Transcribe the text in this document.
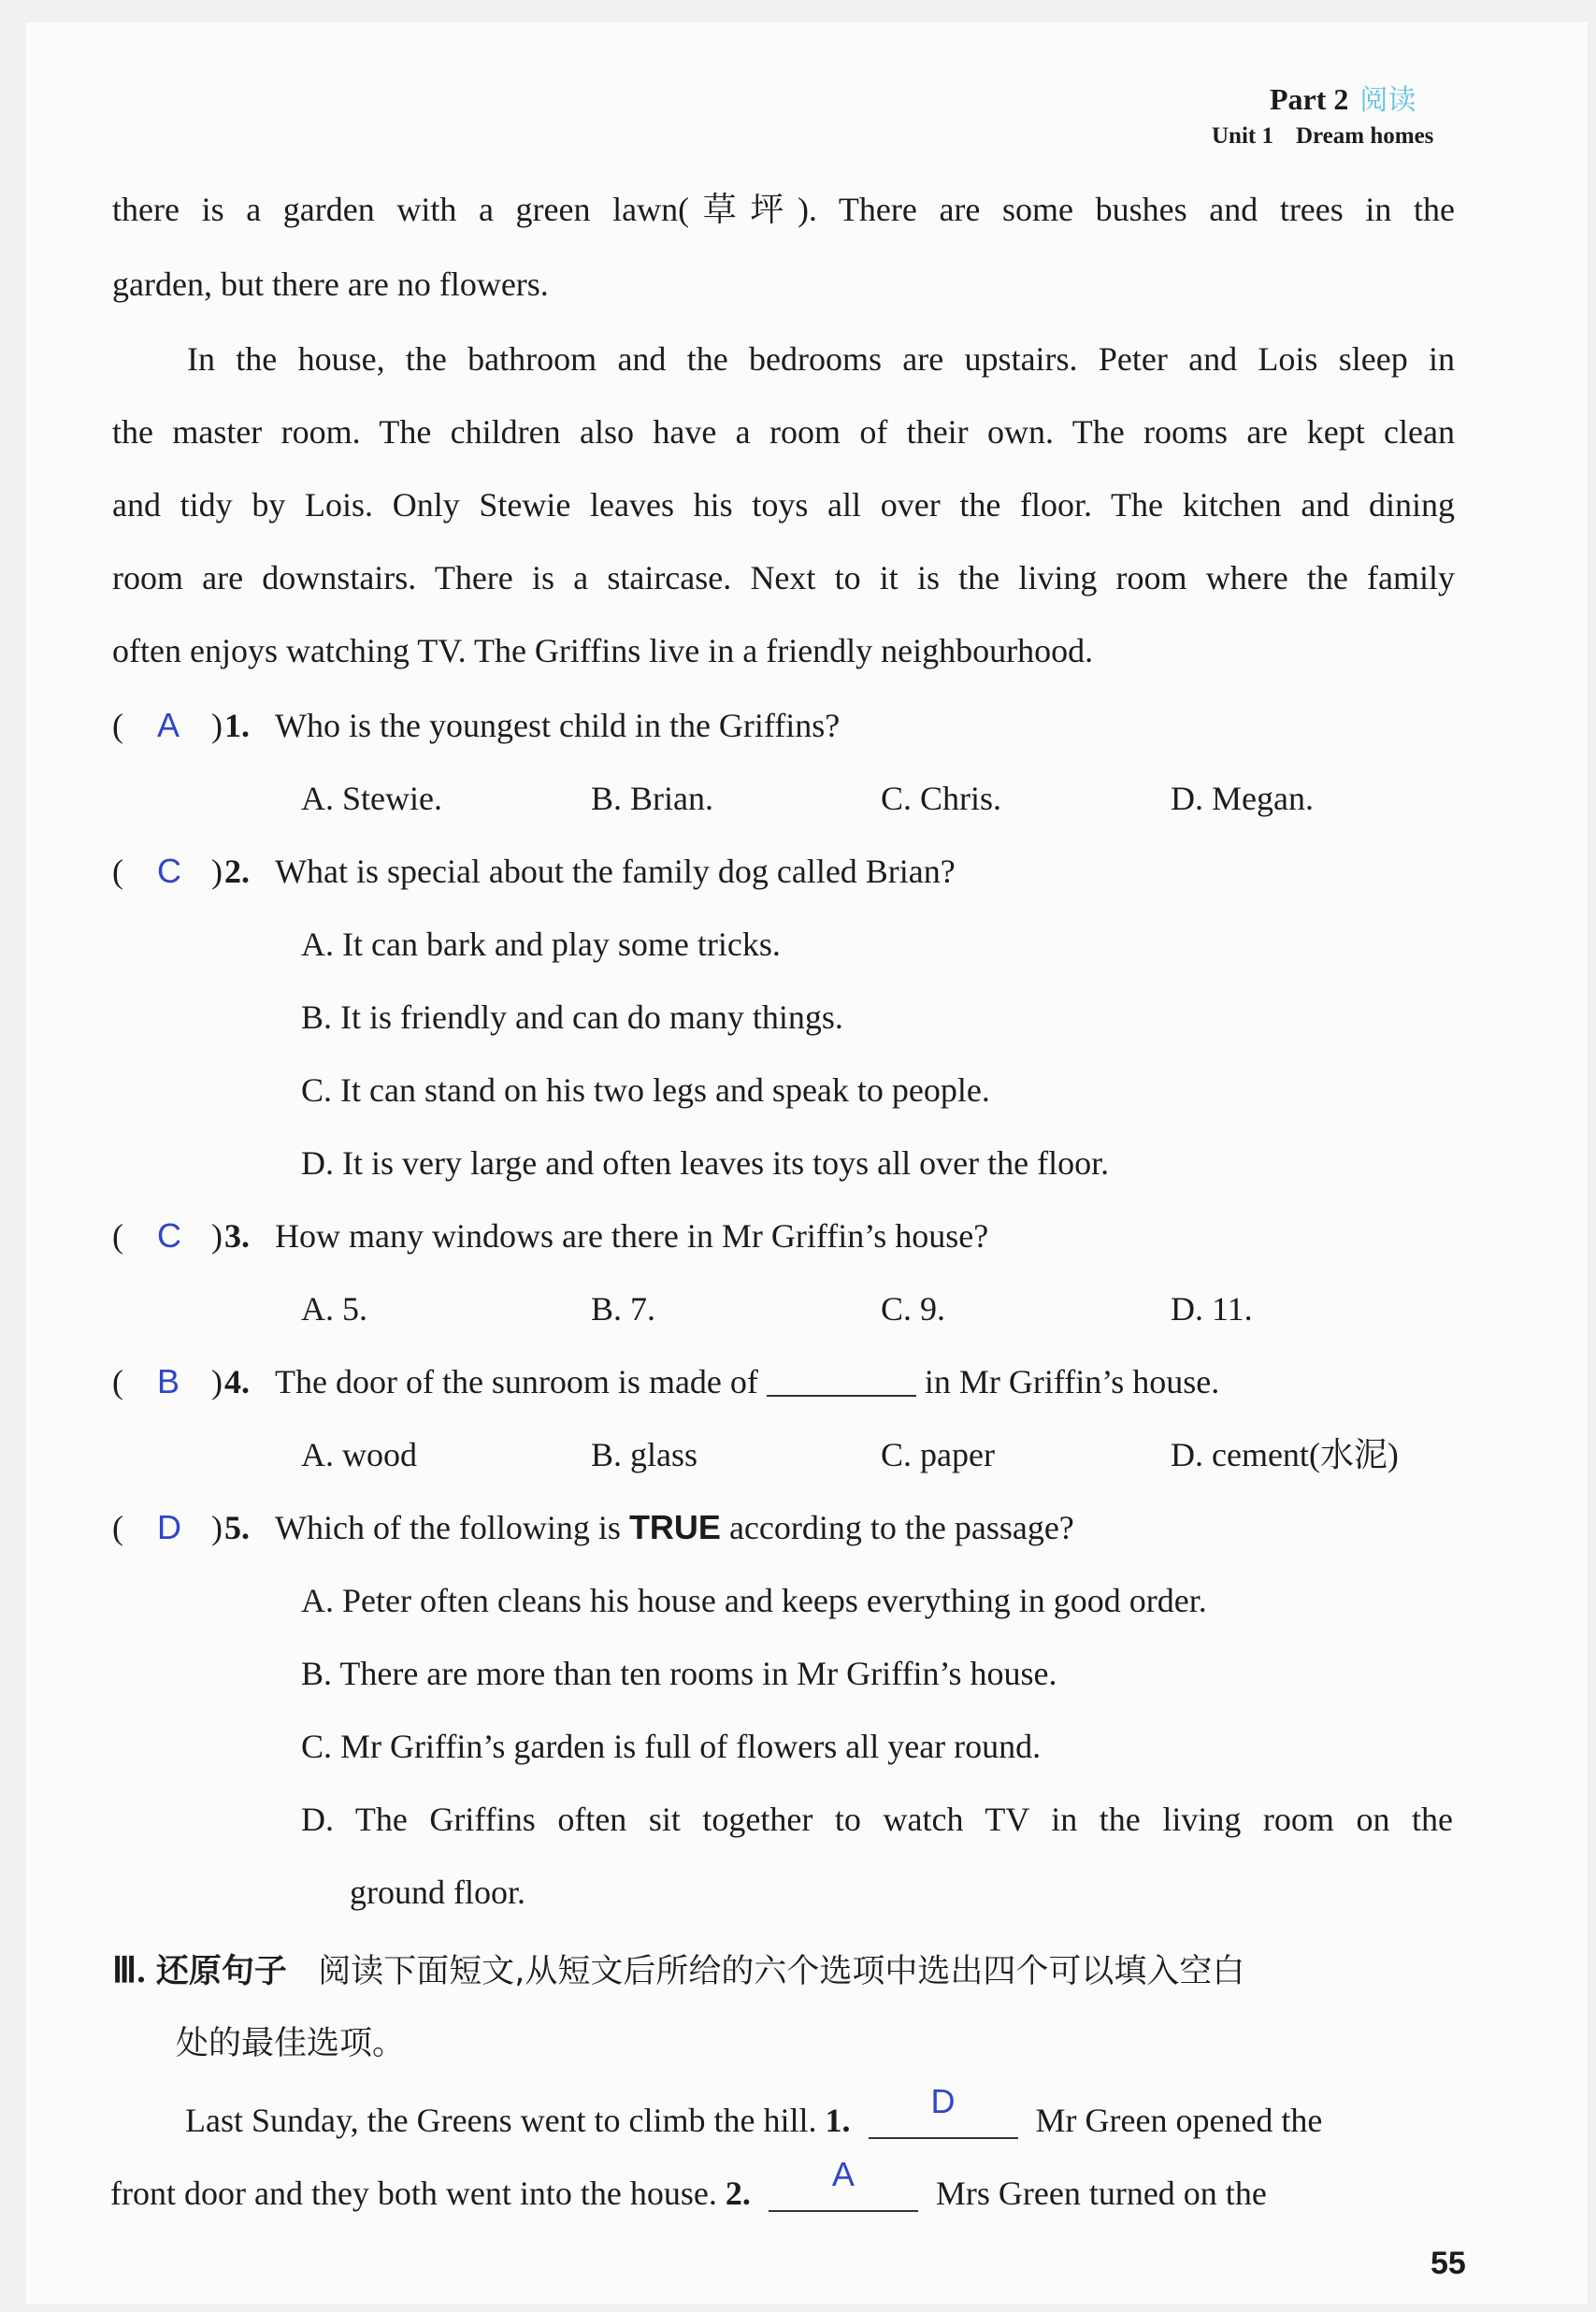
Part 2 阅读
Unit 1 Dream homes
there is a garden with a green lawn(草坪). There are some bushes and trees in the
garden, but there are no flowers.
In the house, the bathroom and the bedrooms are upstairs. Peter and Lois sleep in
the master room. The children also have a room of their own. The rooms are kept clean
and tidy by Lois. Only Stewie leaves his toys all over the floor. The kitchen and dining
room are downstairs. There is a staircase. Next to it is the living room where the family
often enjoys watching TV. The Griffins live in a friendly neighbourhood.
( A ) 1. Who is the youngest child in the Griffins?
A. Stewie.	B. Brian.	C. Chris.	D. Megan.
( C ) 2. What is special about the family dog called Brian?
A. It can bark and play some tricks.
B. It is friendly and can do many things.
C. It can stand on his two legs and speak to people.
D. It is very large and often leaves its toys all over the floor.
( C ) 3. How many windows are there in Mr Griffin’s house?
A. 5.	B. 7.	C. 9.	D. 11.
( B ) 4. The door of the sunroom is made of	in Mr Griffin’s house.
A. wood	B. glass	C. paper	D. cement(水泥)
( D ) 5. Which of the following is TRUE according to the passage?
A. Peter often cleans his house and keeps everything in good order.
B. There are more than ten rooms in Mr Griffin’s house.
C. Mr Griffin’s garden is full of flowers all year round.
D. The Griffins often sit together to watch TV in the living room on the
ground floor.
Ⅲ. 还原句子 阅读下面短文,从短文后所给的六个选项中选出四个可以填入空白
处的最佳选项。
Last Sunday, the Greens went to climb the hill. 1.	D	Mr Green opened the
front door and they both went into the house. 2.	A	Mrs Green turned on the
55
